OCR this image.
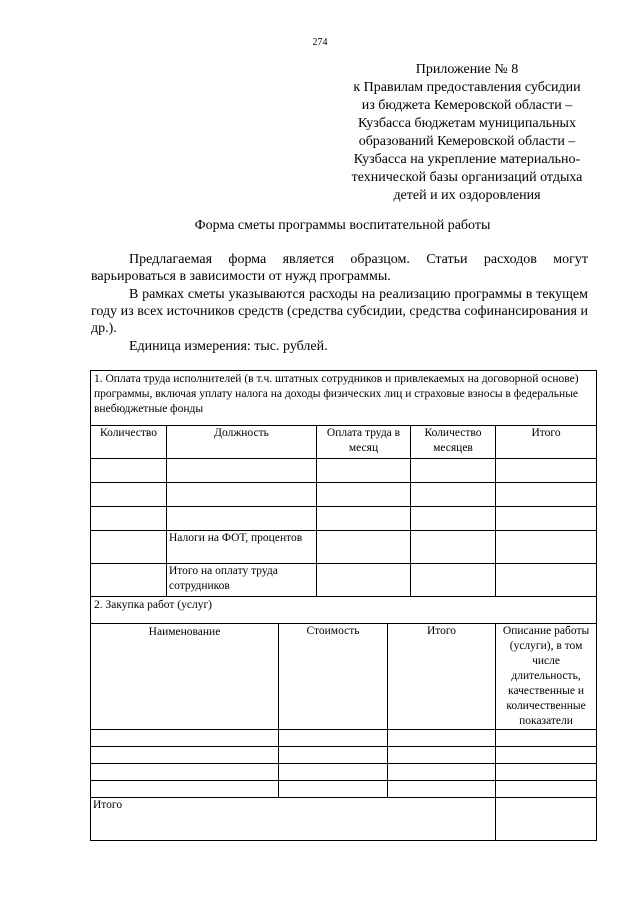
274
Приложение № 8
к Правилам предоставления субсидии
из бюджета Кемеровской области –
Кузбасса бюджетам муниципальных
образований Кемеровской области –
Кузбасса на укрепление материально-
технической базы организаций отдыха
детей и их оздоровления
Форма сметы программы воспитательной работы
Предлагаемая форма является образцом. Статьи расходов могут варьироваться в зависимости от нужд программы.
В рамках сметы указываются расходы на реализацию программы в текущем году из всех источников средств (средства субсидии, средства софинансирования и др.).
Единица измерения: тыс. рублей.
1. Оплата труда исполнителей (в т.ч. штатных сотрудников и привлекаемых на договорной основе) программы, включая уплату налога на доходы физических лиц и страховые взносы в федеральные внебюджетные фонды						
Количество	Должность		Оплата труда в месяц		Количество месяцев	Итого

	Налоги на ФОТ, процентов					
	Итого на оплату труда сотрудников					
2. Закупка работ (услуг)						
Наименование		Стоимость		Итого		Описание работы (услуги), в том числе длительность, качественные и количественные показатели

Итого						
